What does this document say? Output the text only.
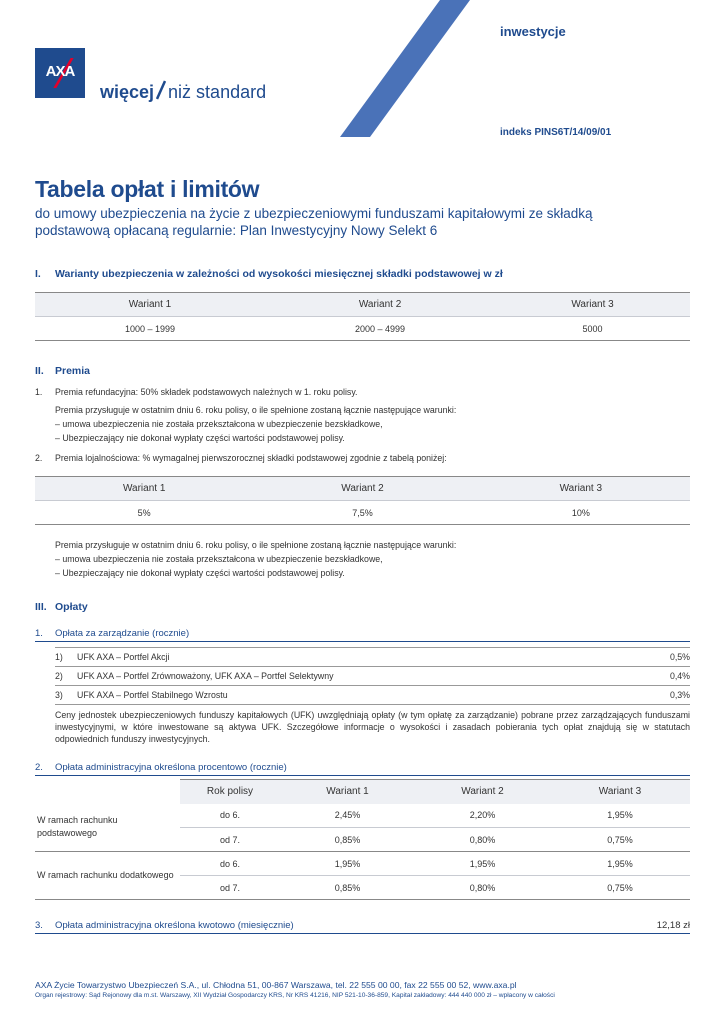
AXA
więcej niż standard
inwestycje
indeks PINS6T/14/09/01
Tabela opłat i limitów
do umowy ubezpieczenia na życie z ubezpieczeniowymi funduszami kapitałowymi ze składką podstawową opłacaną regularnie: Plan Inwestycyjny Nowy Selekt 6
I. Warianty ubezpieczenia w zależności od wysokości miesięcznej składki podstawowej w zł
Wariant 1	Wariant 2	Wariant 3
1000 – 1999	2000 – 4999	5000
II. Premia
1. Premia refundacyjna: 50% składek podstawowych należnych w 1. roku polisy.
Premia przysługuje w ostatnim dniu 6. roku polisy, o ile spełnione zostaną łącznie następujące warunki:
– umowa ubezpieczenia nie została przekształcona w ubezpieczenie bezskładkowe,
– Ubezpieczający nie dokonał wypłaty części wartości podstawowej polisy.
2. Premia lojalnościowa: % wymagalnej pierwszorocznej składki podstawowej zgodnie z tabelą poniżej:
Wariant 1	Wariant 2	Wariant 3
5%	7,5%	10%
Premia przysługuje w ostatnim dniu 6. roku polisy, o ile spełnione zostaną łącznie następujące warunki:
– umowa ubezpieczenia nie została przekształcona w ubezpieczenie bezskładkowe,
– Ubezpieczający nie dokonał wypłaty części wartości podstawowej polisy.
III. Opłaty
1. Opłata za zarządzanie (rocznie)
1)	UFK AXA – Portfel Akcji	0,5%
2)	UFK AXA – Portfel Zrównoważony, UFK AXA – Portfel Selektywny	0,4%
3)	UFK AXA – Portfel Stabilnego Wzrostu	0,3%
Ceny jednostek ubezpieczeniowych funduszy kapitałowych (UFK) uwzględniają opłaty (w tym opłatę za zarządzanie) pobrane przez zarządzających funduszami inwestycyjnymi, w które inwestowane są aktywa UFK. Szczegółowe informacje o wysokości i zasadach pobierania tych opłat znajdują się w statutach odpowiednich funduszy inwestycyjnych.
2. Opłata administracyjna określona procentowo (rocznie)
	Rok polisy	Wariant 1	Wariant 2	Wariant 3
W ramach rachunku podstawowego	do 6.	2,45%	2,20%	1,95%
	od 7.	0,85%	0,80%	0,75%
W ramach rachunku dodatkowego	do 6.	1,95%	1,95%	1,95%
	od 7.	0,85%	0,80%	0,75%
3. Opłata administracyjna określona kwotowo (miesięcznie)	12,18 zł
AXA Życie Towarzystwo Ubezpieczeń S.A., ul. Chłodna 51, 00-867 Warszawa, tel. 22 555 00 00, fax 22 555 00 52, www.axa.pl
Organ rejestrowy: Sąd Rejonowy dla m.st. Warszawy, XII Wydział Gospodarczy KRS, Nr KRS 41216, NIP 521-10-36-859, Kapitał zakładowy: 444 440 000 zł – wpłacony w całości
